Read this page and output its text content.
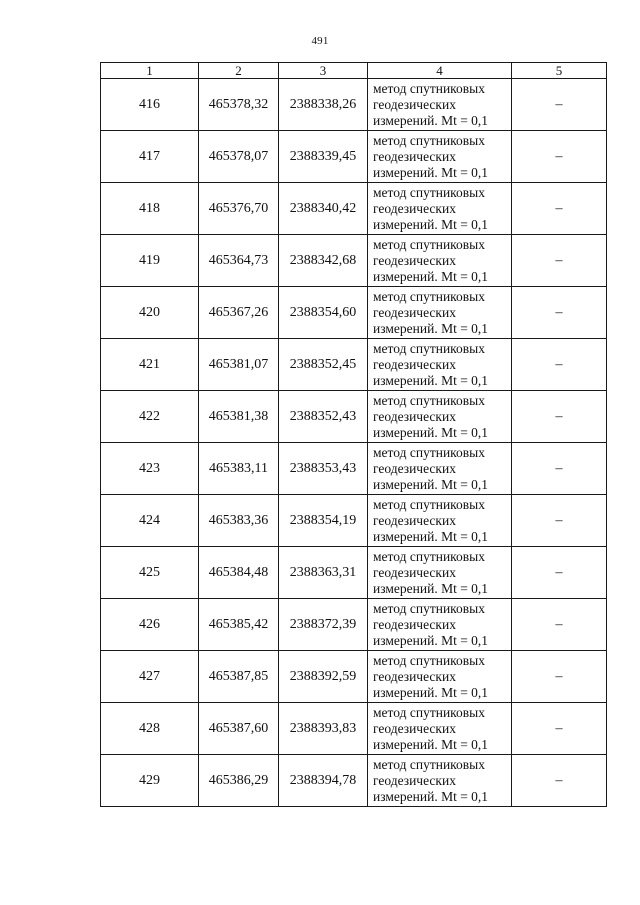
491
1	2	3	4	5
416	465378,32	2388338,26	метод спутниковых
геодезических
измерений. Mt = 0,1	–
417	465378,07	2388339,45	метод спутниковых
геодезических
измерений. Mt = 0,1	–
418	465376,70	2388340,42	метод спутниковых
геодезических
измерений. Mt = 0,1	–
419	465364,73	2388342,68	метод спутниковых
геодезических
измерений. Mt = 0,1	–
420	465367,26	2388354,60	метод спутниковых
геодезических
измерений. Mt = 0,1	–
421	465381,07	2388352,45	метод спутниковых
геодезических
измерений. Mt = 0,1	–
422	465381,38	2388352,43	метод спутниковых
геодезических
измерений. Mt = 0,1	–
423	465383,11	2388353,43	метод спутниковых
геодезических
измерений. Mt = 0,1	–
424	465383,36	2388354,19	метод спутниковых
геодезических
измерений. Mt = 0,1	–
425	465384,48	2388363,31	метод спутниковых
геодезических
измерений. Mt = 0,1	–
426	465385,42	2388372,39	метод спутниковых
геодезических
измерений. Mt = 0,1	–
427	465387,85	2388392,59	метод спутниковых
геодезических
измерений. Mt = 0,1	–
428	465387,60	2388393,83	метод спутниковых
геодезических
измерений. Mt = 0,1	–
429	465386,29	2388394,78	метод спутниковых
геодезических
измерений. Mt = 0,1	–
